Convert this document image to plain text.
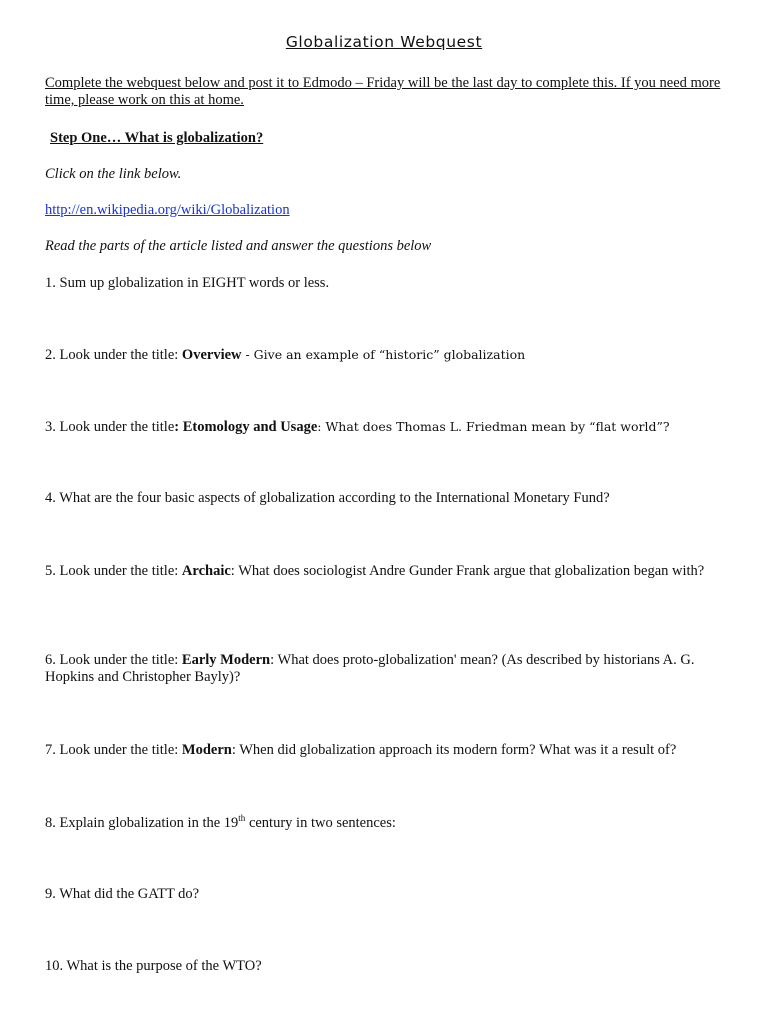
Globalization Webquest
Complete the webquest below and post it to Edmodo – Friday will be the last day to complete this. If you need more time, please work on this at home.
Step One… What is globalization?
Click on the link below.
http://en.wikipedia.org/wiki/Globalization
Read the parts of the article listed and answer the questions below
1. Sum up globalization in EIGHT words or less.
2. Look under the title: Overview - Give an example of “historic” globalization
3. Look under the title: Etomology and Usage: What does Thomas L. Friedman mean by “flat world”?
4. What are the four basic aspects of globalization according to the International Monetary Fund?
5. Look under the title: Archaic: What does sociologist Andre Gunder Frank argue that globalization began with?
6. Look under the title: Early Modern: What does proto-globalization' mean? (As described by historians A. G. Hopkins and Christopher Bayly)?
7. Look under the title: Modern: When did globalization approach its modern form? What was it a result of?
8. Explain globalization in the 19th century in two sentences:
9. What did the GATT do?
10. What is the purpose of the WTO?
